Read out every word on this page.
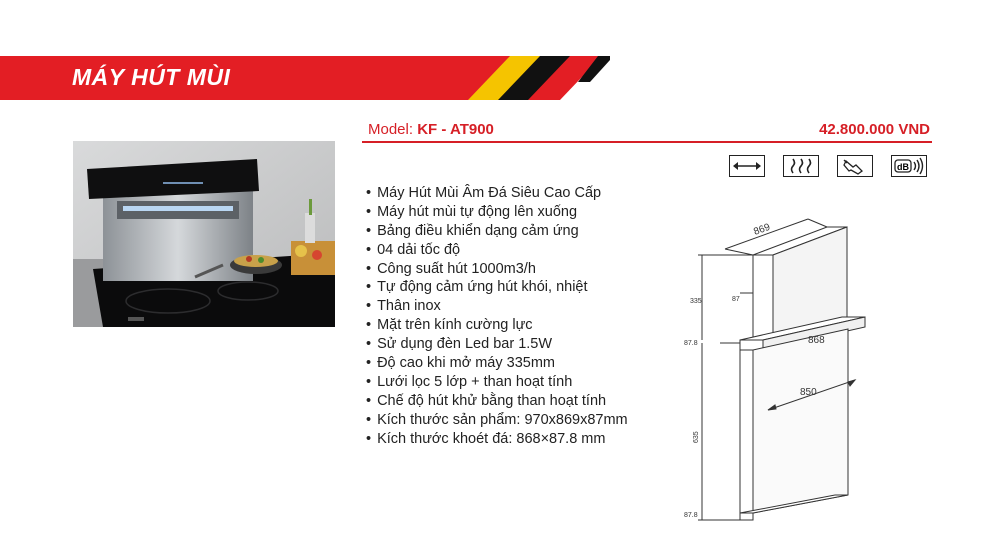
MÁY HÚT MÙI
Model: KF - AT900	42.800.000 VND
dB
• Máy Hút Mùi Âm Đá Siêu Cao Cấp
• Máy hút mùi tự động lên xuống
• Bảng điều khiển dạng cảm ứng
• 04 dải tốc độ
• Công suất hút 1000m3/h
• Tự động cảm ứng hút khói, nhiệt
• Thân inox
• Mặt trên kính cường lực
• Sử dụng đèn Led bar 1.5W
• Độ cao khi mở máy 335mm
• Lưới lọc 5 lớp + than hoạt tính
• Chế độ hút khử bằng than hoạt tính
• Kích thước sản phẩm: 970x869x87mm
• Kích thước khoét đá: 868×87.8 mm
869
87
335
87.8	868
850
635
87.8
